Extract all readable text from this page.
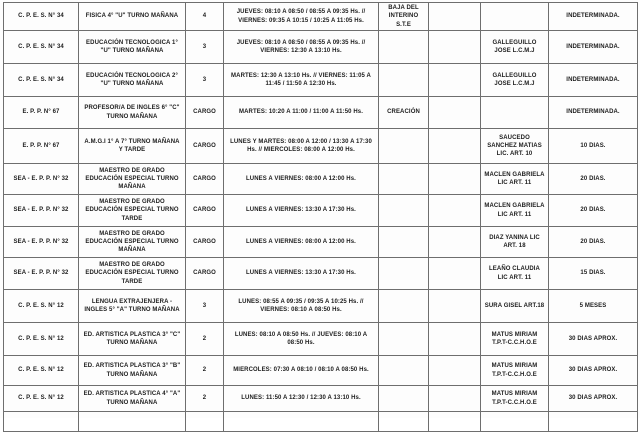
C. P. E. S. N° 34	FISICA 4° "U" TURNO MAÑANA	4	JUEVES: 08:10 A 08:50 / 08:55 A 09:35 Hs. // VIERNES: 09:35 A 10:15 / 10:25 A 11:05 Hs.	BAJA DEL INTERINO S.T.E			INDETERMINADA.
C. P. E. S. N° 34	EDUCACIÓN TECNOLOGICA 1° "U" TURNO MAÑANA	3	JUEVES: 08:10 A 08:50 / 08:55 A 09:35 Hs. // VIERNES: 12:30 A 13:10 Hs.			GALLEGUILLO JOSE L.C.M.J	INDETERMINADA.
C. P. E. S. N° 34	EDUCACIÓN TECNOLOGICA 2° "U" TURNO MAÑANA	3	MARTES: 12:30 A 13:10 Hs. // VIERNES: 11:05 A 11:45 / 11:50 A 12:30 Hs.			GALLEGUILLO JOSE L.C.M.J	INDETERMINADA.
E. P. P. N° 67	PROFESOR/A DE INGLES 6° "C" TURNO MAÑANA	CARGO	MARTES: 10:20 A 11:00 / 11:00 A 11:50 Hs.	CREACIÓN			INDETERMINADA.
E. P. P. N° 67	A.M.G.I 1° A 7° TURNO MAÑANA Y TARDE	CARGO	LUNES Y MARTES: 08:00 A 12:00 / 13:30 A 17:30 Hs. // MIERCOLES: 08:00 A 12:00 Hs.			SAUCEDO SANCHEZ MATIAS LIC. ART. 10	10 DIAS.
SEA - E. P. P. N° 32	MAESTRO DE GRADO EDUCACIÓN ESPECIAL TURNO MAÑANA	CARGO	LUNES A VIERNES: 08:00 A 12:00 Hs.			MACLEN GABRIELA LIC ART. 11	20 DIAS.
SEA - E. P. P. N° 32	MAESTRO DE GRADO EDUCACIÓN ESPECIAL TURNO TARDE	CARGO	LUNES A VIERNES: 13:30 A 17:30 Hs.			MACLEN GABRIELA LIC ART. 11	20 DIAS.
SEA - E. P. P. N° 32	MAESTRO DE GRADO EDUCACIÓN ESPECIAL TURNO MAÑANA	CARGO	LUNES A VIERNES: 08:00 A 12:00 Hs.			DIAZ YANINA LIC ART. 18	20 DIAS.
SEA - E. P. P. N° 32	MAESTRO DE GRADO EDUCACIÓN ESPECIAL TURNO TARDE	CARGO	LUNES A VIERNES: 13:30 A 17:30 Hs.			LEAÑO CLAUDIA LIC ART. 11	15 DIAS.
C. P. E. S. N° 12	LENGUA EXTRAJENJERA - INGLES 5° "A" TURNO MAÑANA	3	LUNES: 08:55 A 09:35 / 09:35 A 10:25 Hs. // VIERNES: 08:10 A 08:50 Hs.			SURA GISEL ART.18	5 MESES
C. P. E. S. N° 12	ED. ARTISTICA PLASTICA 3° "C" TURNO MAÑANA	2	LUNES: 08:10 A 08:50 Hs. // JUEVES: 08:10 A 08:50 Hs.			MATUS MIRIAM T.P.T-C.C.H.O.E	30 DIAS APROX.
C. P. E. S. N° 12	ED. ARTISTICA PLASTICA 3° "B" TURNO MAÑANA	2	MIERCOLES: 07:30 A 08:10 / 08:10 A 08:50 Hs.			MATUS MIRIAM T.P.T-C.C.H.O.E	30 DIAS APROX.
C. P. E. S. N° 12	ED. ARTISTICA PLASTICA 4° "A" TURNO MAÑANA	2	LUNES: 11:50 A 12:30 / 12:30 A 13:10 Hs.			MATUS MIRIAM T.P.T-C.C.H.O.E	30 DIAS APROX.
